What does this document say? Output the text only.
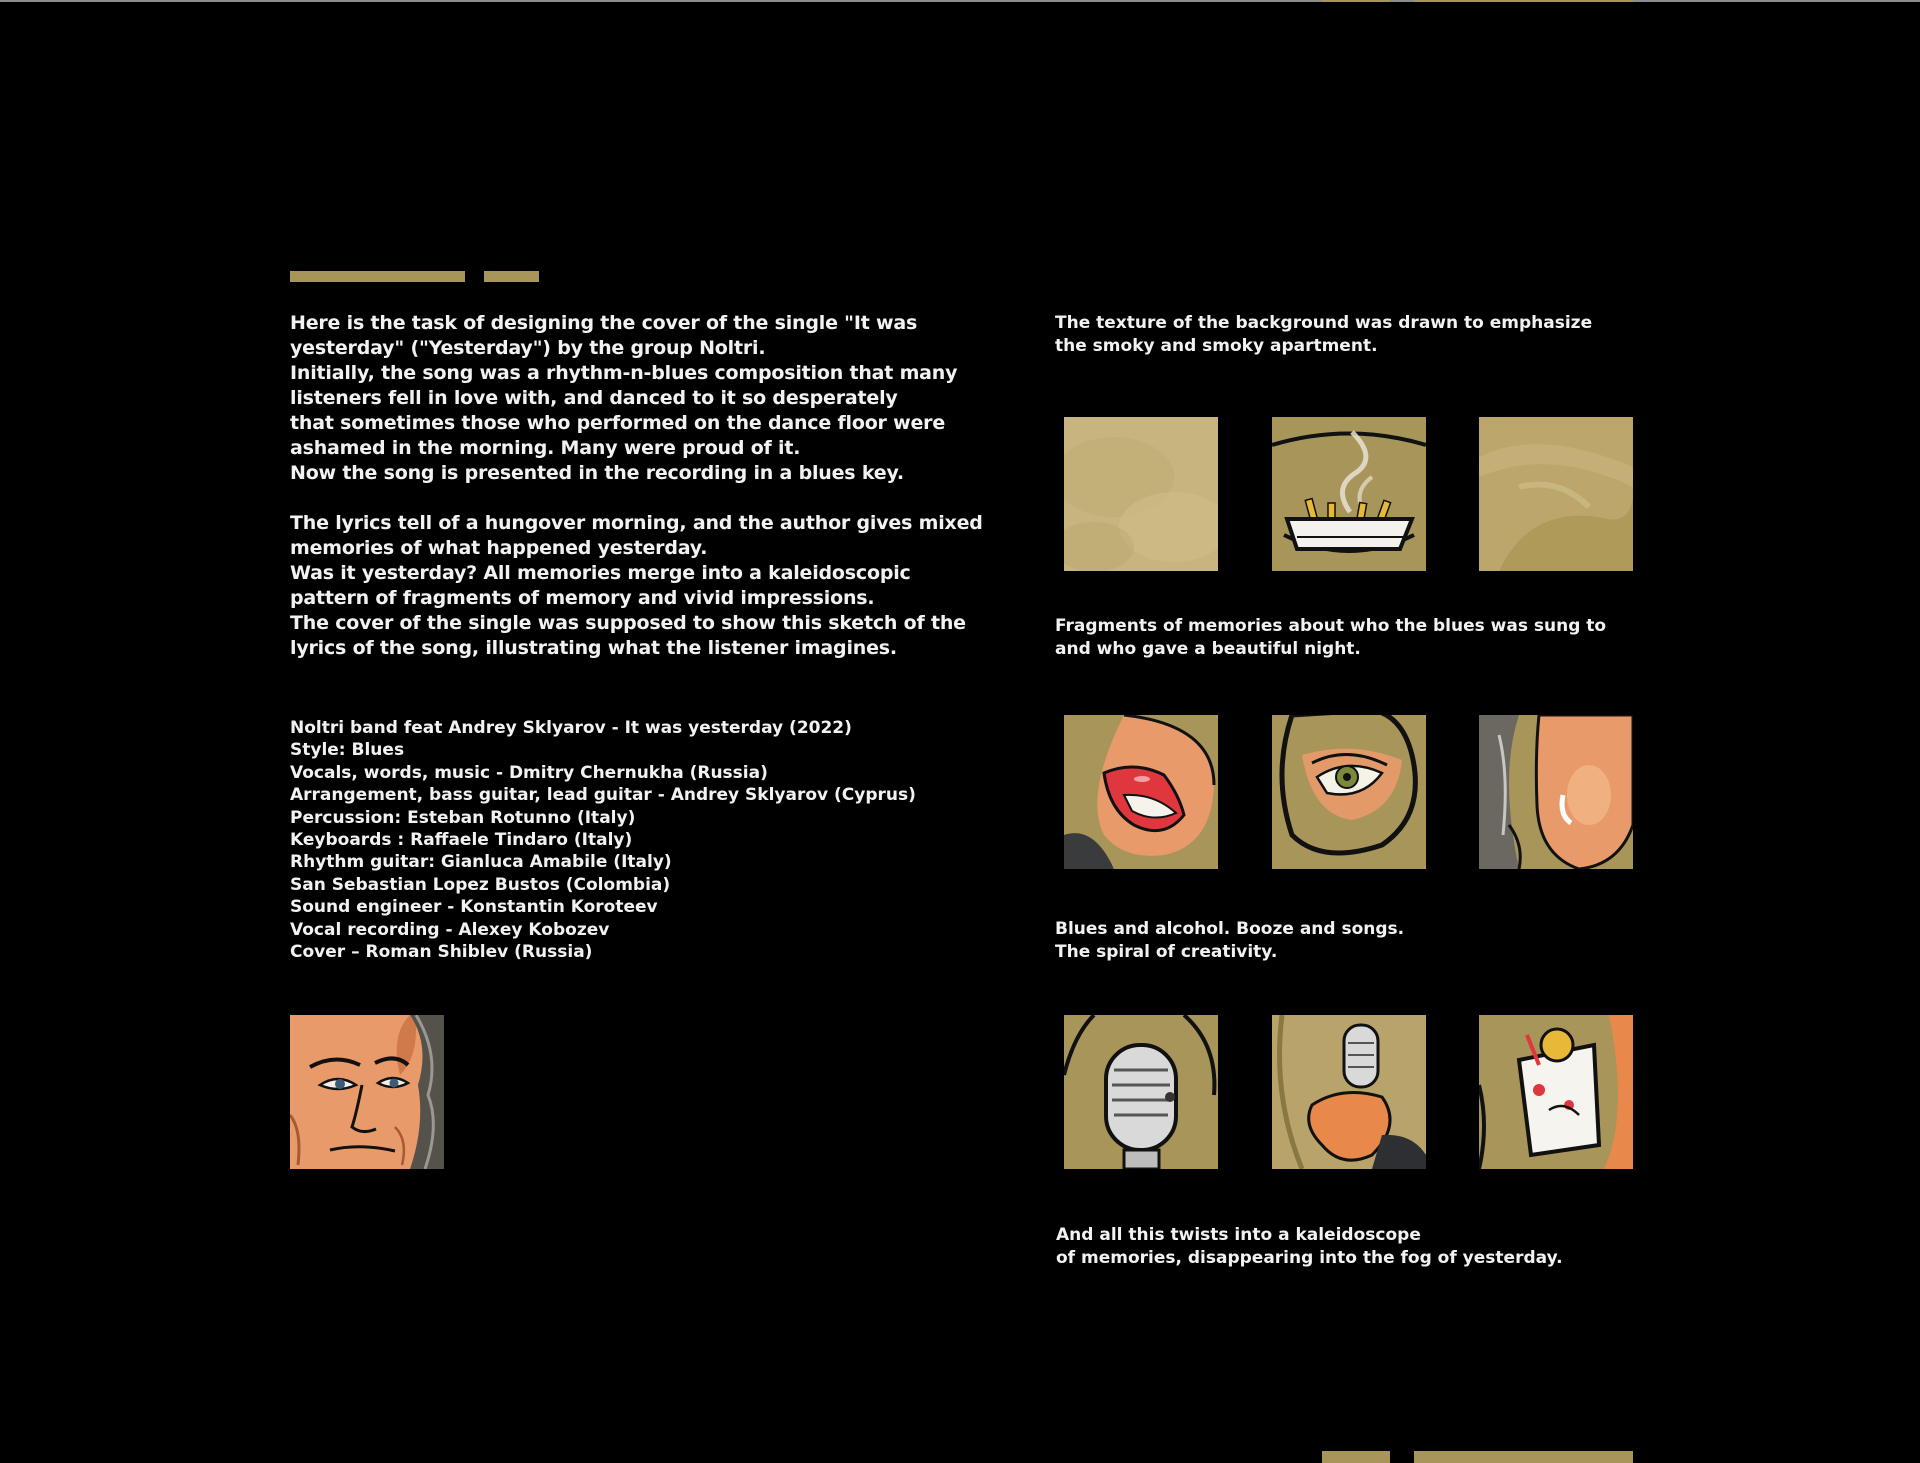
Here is the task of designing the cover of the single "It was yesterday" ("Yesterday") by the group Noltri.
Initially, the song was a rhythm-n-blues composition that many listeners fell in love with, and danced to it so desperately
that sometimes those who performed on the dance floor were ashamed in the morning. Many were proud of it.
Now the song is presented in the recording in a blues key.

The lyrics tell of a hungover morning, and the author gives mixed memories of what happened yesterday.
Was it yesterday? All memories merge into a kaleidoscopic pattern of fragments of memory and vivid impressions.
The cover of the single was supposed to show this sketch of the lyrics of the song, illustrating what the listener imagines.

Noltri band feat Andrey Sklyarov - It was yesterday (2022)
Style: Blues
Vocals, words, music - Dmitry Chernukha (Russia)
Arrangement, bass guitar, lead guitar - Andrey Sklyarov (Cyprus)
Percussion: Esteban Rotunno (Italy)
Keyboards : Raffaele Tindaro (Italy)
Rhythm guitar: Gianluca Amabile (Italy)
San Sebastian Lopez Bustos (Colombia)
Sound engineer - Konstantin Koroteev
Vocal recording - Alexey Kobozev
Cover – Roman Shiblev (Russia)

The texture of the background was drawn to emphasize
the smoky and smoky apartment.

Fragments of memories about who the blues was sung to
and who gave a beautiful night.

Blues and alcohol. Booze and songs.
The spiral of creativity.

And all this twists into a kaleidoscope
of memories, disappearing into the fog of yesterday.
